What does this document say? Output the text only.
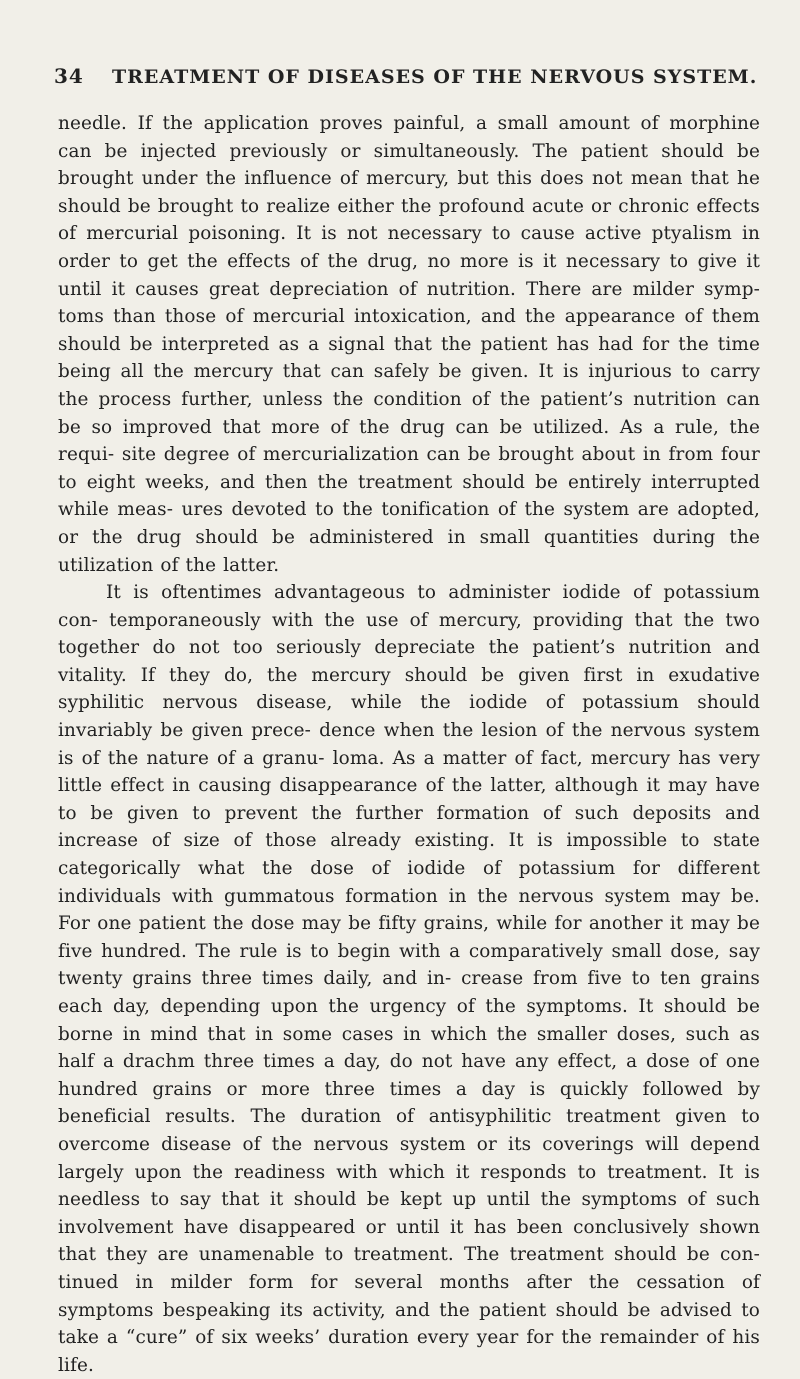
34	TREATMENT OF DISEASES OF THE NERVOUS SYSTEM.

needle. If the application proves painful, a small amount of morphine can be injected previously or simultaneously. The patient should be brought under the influence of mercury, but this does not mean that he should be brought to realize either the profound acute or chronic effects of mercurial poisoning. It is not necessary to cause active ptyalism in order to get the effects of the drug, no more is it necessary to give it until it causes great depreciation of nutrition. There are milder symp- toms than those of mercurial intoxication, and the appearance of them should be interpreted as a signal that the patient has had for the time being all the mercury that can safely be given. It is injurious to carry the process further, unless the condition of the patient’s nutrition can be so improved that more of the drug can be utilized. As a rule, the requi- site degree of mercurialization can be brought about in from four to eight weeks, and then the treatment should be entirely interrupted while meas- ures devoted to the tonification of the system are adopted, or the drug should be administered in small quantities during the utilization of the latter.

It is oftentimes advantageous to administer iodide of potassium con- temporaneously with the use of mercury, providing that the two together do not too seriously depreciate the patient’s nutrition and vitality. If they do, the mercury should be given first in exudative syphilitic nervous disease, while the iodide of potassium should invariably be given prece- dence when the lesion of the nervous system is of the nature of a granu- loma. As a matter of fact, mercury has very little effect in causing disappearance of the latter, although it may have to be given to prevent the further formation of such deposits and increase of size of those already existing. It is impossible to state categorically what the dose of iodide of potassium for different individuals with gummatous formation in the nervous system may be. For one patient the dose may be fifty grains, while for another it may be five hundred. The rule is to begin with a comparatively small dose, say twenty grains three times daily, and in- crease from five to ten grains each day, depending upon the urgency of the symptoms. It should be borne in mind that in some cases in which the smaller doses, such as half a drachm three times a day, do not have any effect, a dose of one hundred grains or more three times a day is quickly followed by beneficial results. The duration of antisyphilitic treatment given to overcome disease of the nervous system or its coverings will depend largely upon the readiness with which it responds to treatment. It is needless to say that it should be kept up until the symptoms of such involvement have disappeared or until it has been conclusively shown that they are unamenable to treatment. The treatment should be con- tinued in milder form for several months after the cessation of symptoms bespeaking its activity, and the patient should be advised to take a “cure” of six weeks’ duration every year for the remainder of his life.
